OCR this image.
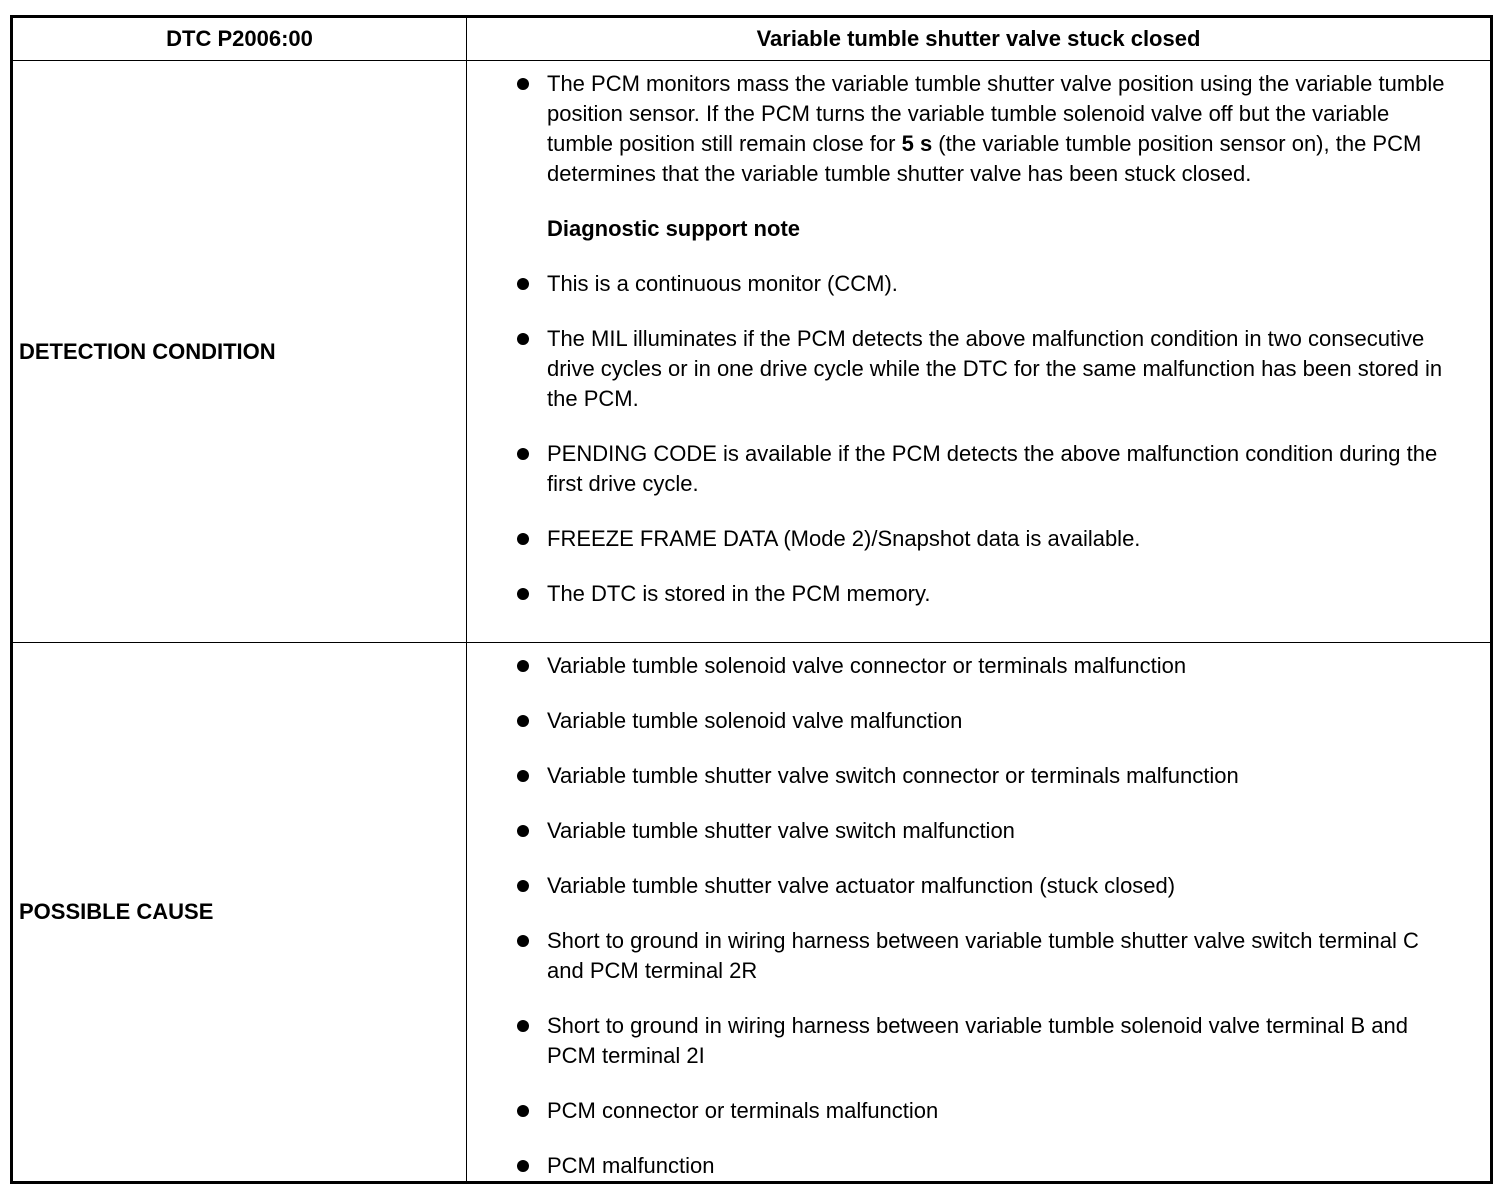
DTC P2006:00	Variable tumble shutter valve stuck closed
DETECTION CONDITION
The PCM monitors mass the variable tumble shutter valve position using the variable tumble position sensor. If the PCM turns the variable tumble solenoid valve off but the variable tumble position still remain close for 5 s (the variable tumble position sensor on), the PCM determines that the variable tumble shutter valve has been stuck closed.
Diagnostic support note
This is a continuous monitor (CCM).
The MIL illuminates if the PCM detects the above malfunction condition in two consecutive drive cycles or in one drive cycle while the DTC for the same malfunction has been stored in the PCM.
PENDING CODE is available if the PCM detects the above malfunction condition during the first drive cycle.
FREEZE FRAME DATA (Mode 2)/Snapshot data is available.
The DTC is stored in the PCM memory.
POSSIBLE CAUSE
Variable tumble solenoid valve connector or terminals malfunction
Variable tumble solenoid valve malfunction
Variable tumble shutter valve switch connector or terminals malfunction
Variable tumble shutter valve switch malfunction
Variable tumble shutter valve actuator malfunction (stuck closed)
Short to ground in wiring harness between variable tumble shutter valve switch terminal C and PCM terminal 2R
Short to ground in wiring harness between variable tumble solenoid valve terminal B and PCM terminal 2I
PCM connector or terminals malfunction
PCM malfunction
